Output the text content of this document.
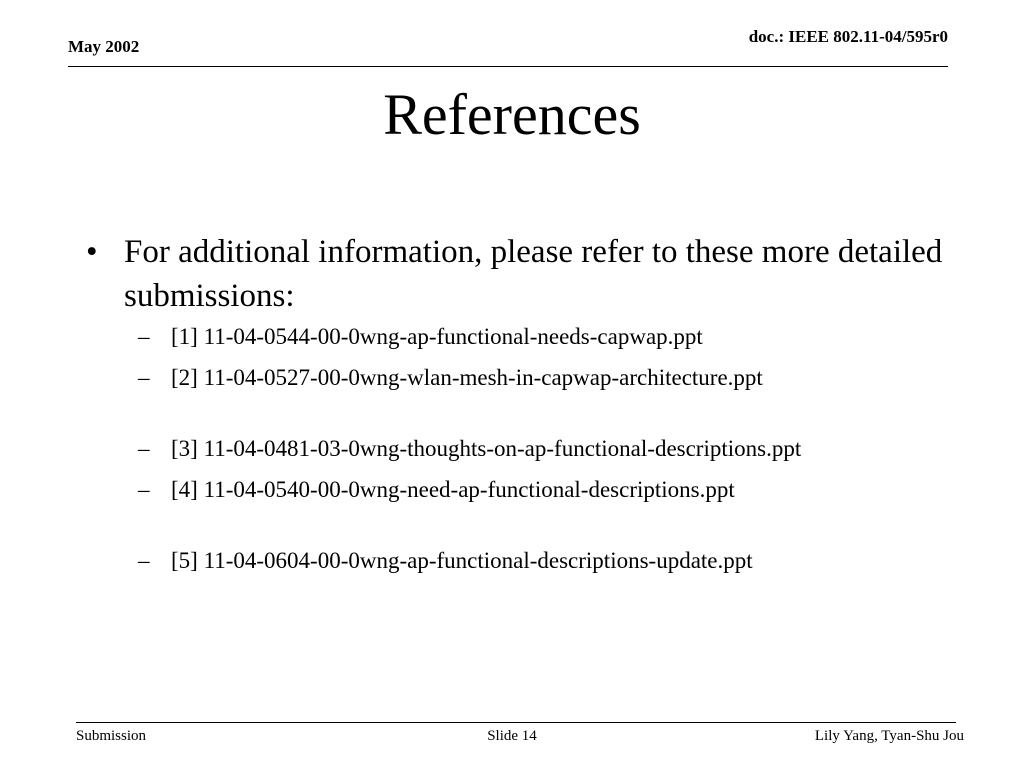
May 2002
doc.: IEEE 802.11-04/595r0
References
• For additional information, please refer to these more detailed submissions:
– [1] 11-04-0544-00-0wng-ap-functional-needs-capwap.ppt
– [2] 11-04-0527-00-0wng-wlan-mesh-in-capwap-architecture.ppt
– [3] 11-04-0481-03-0wng-thoughts-on-ap-functional-descriptions.ppt
– [4] 11-04-0540-00-0wng-need-ap-functional-descriptions.ppt
– [5] 11-04-0604-00-0wng-ap-functional-descriptions-update.ppt
Submission	Slide 14	Lily Yang, Tyan-Shu Jou
